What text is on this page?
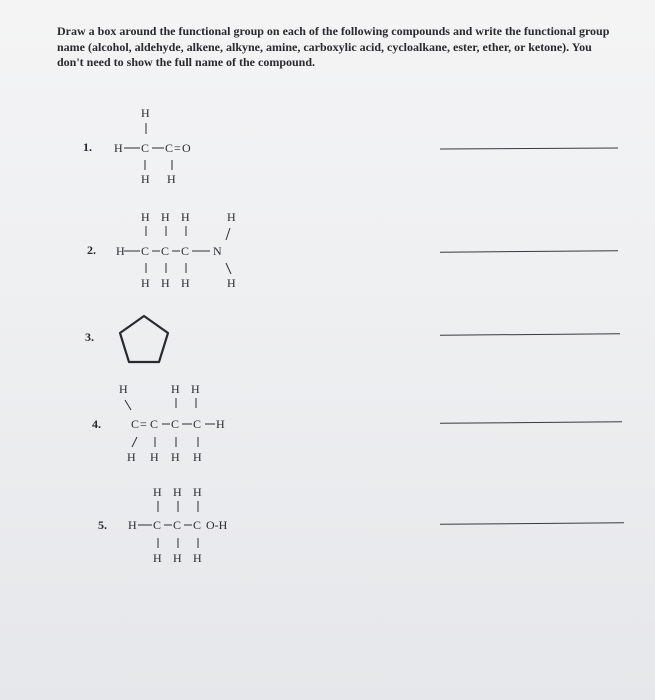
Draw a box around the functional group on each of the following compounds and write the functional group name (alcohol, aldehyde, alkene, alkyne, amine, carboxylic acid, cycloalkane, ester, ether, or ketone). You don't need to show the full name of the compound.

1.
2.
3.
4.
5.
H
H C C = O
H H
H H H	H
H C C C N
H H H	H
H	H H
C = C C C H
H H H H
H H H
H C C C O-H
H H H
